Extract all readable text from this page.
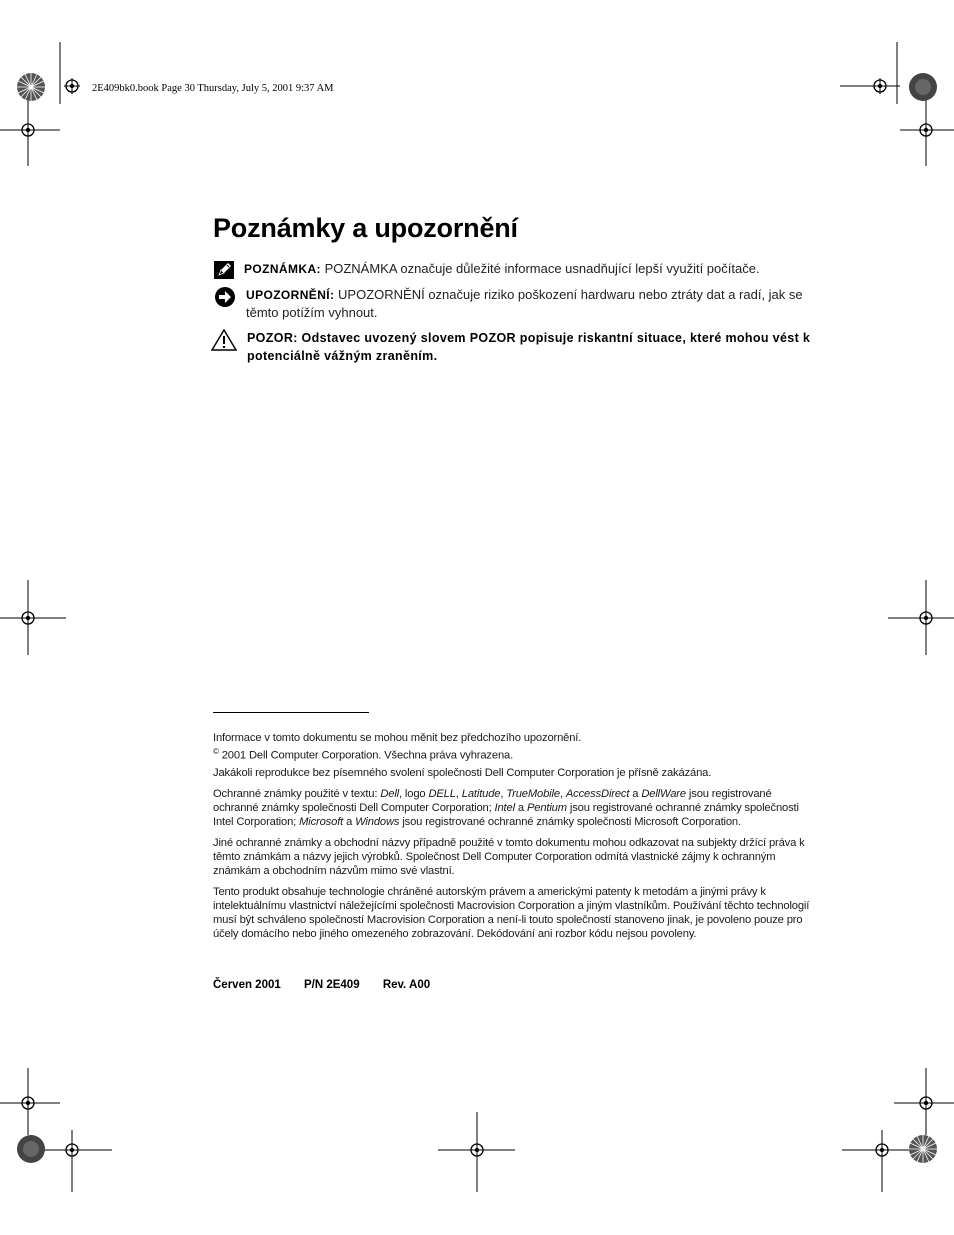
2E409bk0.book Page 30 Thursday, July 5, 2001 9:37 AM
Poznámky a upozornění
POZNÁMKA: POZNÁMKA označuje důležité informace usnadňující lepší využití počítače.
UPOZORNĚNÍ: UPOZORNĚNÍ označuje riziko poškození hardwaru nebo ztráty dat a radí, jak se těmto potížím vyhnout.
POZOR: Odstavec uvozený slovem POZOR popisuje riskantní situace, které mohou vést k potenciálně vážným zraněním.

Informace v tomto dokumentu se mohou měnit bez předchozího upozornění.

© 2001 Dell Computer Corporation. Všechna práva vyhrazena.

Jakákoli reprodukce bez písemného svolení společnosti Dell Computer Corporation je přísně zakázána.

Ochranné známky použité v textu: Dell, logo DELL, Latitude, TrueMobile, AccessDirect a DellWare jsou registrované ochranné známky společnosti Dell Computer Corporation; Intel a Pentium jsou registrované ochranné známky společnosti Intel Corporation; Microsoft a Windows jsou registrované ochranné známky společnosti Microsoft Corporation.

Jiné ochranné známky a obchodní názvy případně použité v tomto dokumentu mohou odkazovat na subjekty držící práva k těmto známkám a názvy jejich výrobků. Společnost Dell Computer Corporation odmítá vlastnické zájmy k ochranným známkám a obchodním názvům mimo své vlastní.

Tento produkt obsahuje technologie chráněné autorským právem a americkými patenty k metodám a jinými právy k intelektuálnímu vlastnictví náležejícími společnosti Macrovision Corporation a jiným vlastníkům. Používání těchto technologií musí být schváleno společností Macrovision Corporation a není-li touto společností stanoveno jinak, je povoleno pouze pro účely domácího nebo jiného omezeného zobrazování. Dekódování ani rozbor kódu nejsou povoleny.

Červen 2001 P/N 2E409 Rev. A00
